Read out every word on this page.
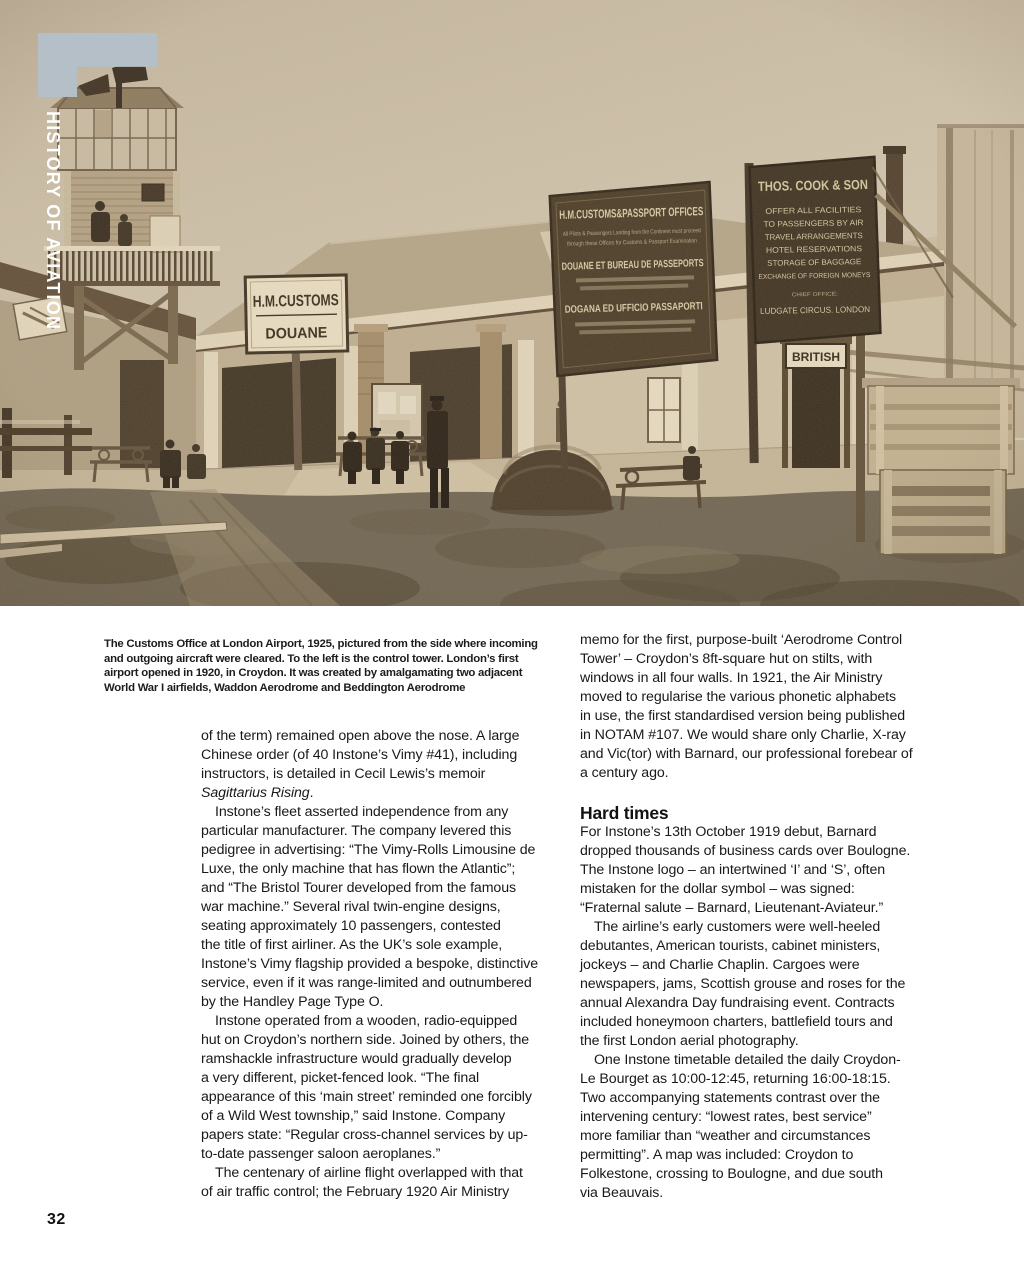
HISTORY OF AVIATION
The Customs Office at London Airport, 1925, pictured from the side where incoming
and outgoing aircraft were cleared. To the left is the control tower. London’s first
airport opened in 1920, in Croydon. It was created by amalgamating two adjacent
World War I airfields, Waddon Aerodrome and Beddington Aerodrome
of the term) remained open above the nose. A large
Chinese order (of 40 Instone’s Vimy #41), including
instructors, is detailed in Cecil Lewis’s memoir
Sagittarius Rising.
Instone’s fleet asserted independence from any
particular manufacturer. The company levered this
pedigree in advertising: “The Vimy-Rolls Limousine de
Luxe, the only machine that has flown the Atlantic”;
and “The Bristol Tourer developed from the famous
war machine.” Several rival twin-engine designs,
seating approximately 10 passengers, contested
the title of first airliner. As the UK’s sole example,
Instone’s Vimy flagship provided a bespoke, distinctive
service, even if it was range-limited and outnumbered
by the Handley Page Type O.
Instone operated from a wooden, radio-equipped
hut on Croydon’s northern side. Joined by others, the
ramshackle infrastructure would gradually develop
a very different, picket-fenced look. “The final
appearance of this ‘main street’ reminded one forcibly
of a Wild West township,” said Instone. Company
papers state: “Regular cross-channel services by up-
to-date passenger saloon aeroplanes.”
The centenary of airline flight overlapped with that
of air traffic control; the February 1920 Air Ministry
memo for the first, purpose-built ‘Aerodrome Control
Tower’ – Croydon’s 8ft-square hut on stilts, with
windows in all four walls. In 1921, the Air Ministry
moved to regularise the various phonetic alphabets
in use, the first standardised version being published
in NOTAM #107. We would share only Charlie, X-ray
and Vic(tor) with Barnard, our professional forebear of
a century ago.
Hard times
For Instone’s 13th October 1919 debut, Barnard
dropped thousands of business cards over Boulogne.
The Instone logo – an intertwined ‘I’ and ‘S’, often
mistaken for the dollar symbol – was signed:
“Fraternal salute – Barnard, Lieutenant-Aviateur.”
The airline’s early customers were well-heeled
debutantes, American tourists, cabinet ministers,
jockeys – and Charlie Chaplin. Cargoes were
newspapers, jams, Scottish grouse and roses for the
annual Alexandra Day fundraising event. Contracts
included honeymoon charters, battlefield tours and
the first London aerial photography.
One Instone timetable detailed the daily Croydon-
Le Bourget as 10:00-12:45, returning 16:00-18:15.
Two accompanying statements contrast over the
intervening century: “lowest rates, best service”
more familiar than “weather and circumstances
permitting”. A map was included: Croydon to
Folkestone, crossing to Boulogne, and due south
via Beauvais.
32
